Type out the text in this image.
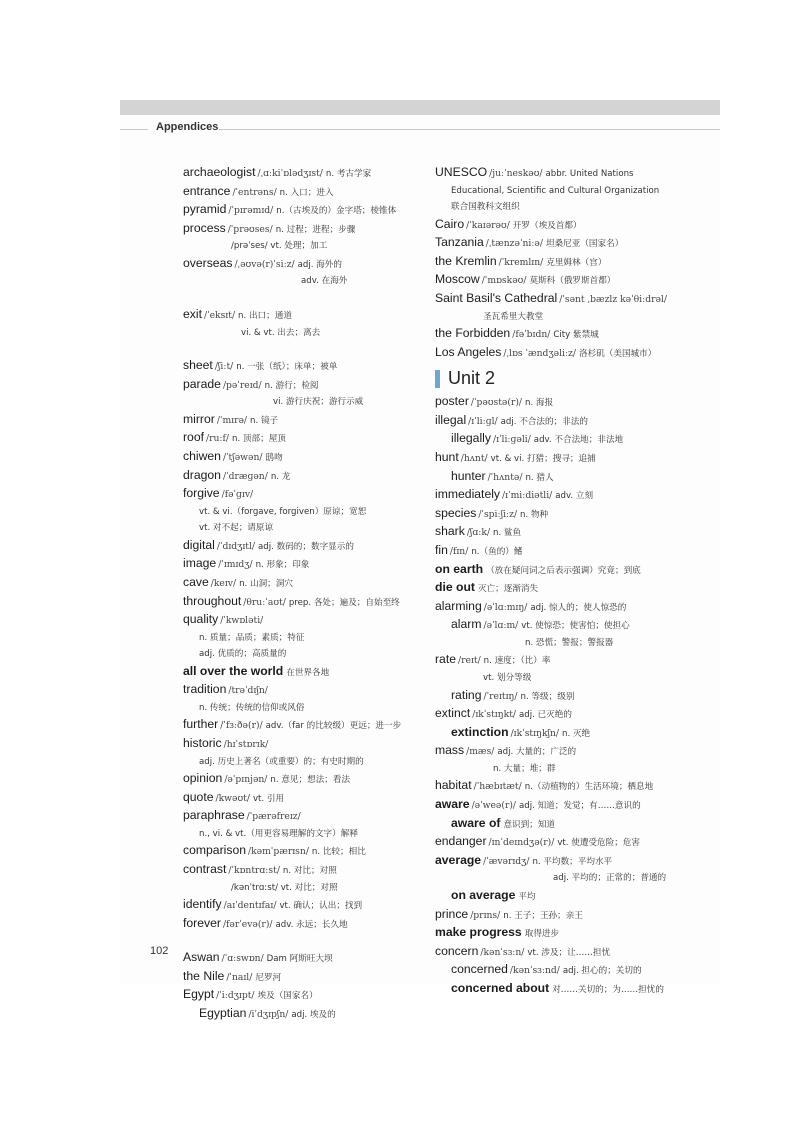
Appendices
archaeologist /ˌɑːkiˈɒlədʒɪst/ n. 考古学家
entrance /ˈentrəns/ n. 入口；进入
pyramid /ˈpɪrəmɪd/ n.（古埃及的）金字塔；棱锥体
process /ˈprəʊses/ n. 过程；进程；步骤
/prəˈses/ vt. 处理；加工
overseas /ˌəʊvə(r)ˈsiːz/ adj. 海外的
adv. 在海外
exit /ˈeksɪt/ n. 出口；通道
vi. & vt. 出去；离去
sheet /ʃiːt/ n. 一张（纸）；床单；被单
parade /pəˈreɪd/ n. 游行；检阅
vi. 游行庆祝；游行示威
mirror /ˈmɪrə/ n. 镜子
roof /ruːf/ n. 顶部；屋顶
chiwen /ˈtʃəwən/ 鸱吻
dragon /ˈdræɡən/ n. 龙
forgive /fəˈɡɪv/
vt. & vi.（forgave, forgiven）原谅；宽恕
vt. 对不起；请原谅
digital /ˈdɪdʒɪtl/ adj. 数码的；数字显示的
image /ˈɪmɪdʒ/ n. 形象；印象
cave /keɪv/ n. 山洞；洞穴
throughout /θruːˈaʊt/ prep. 各处；遍及；自始至终
quality /ˈkwɒləti/
n. 质量；品质；素质；特征
adj. 优质的；高质量的
all over the world 在世界各地
tradition /trəˈdɪʃn/
n. 传统；传统的信仰或风俗
further /ˈfɜːðə(r)/ adv.（far 的比较级）更远；进一步
historic /hɪˈstɒrɪk/
adj. 历史上著名（或重要）的；有史时期的
opinion /əˈpɪnjən/ n. 意见；想法；看法
quote /kwəʊt/ vt. 引用
paraphrase /ˈpærəfreɪz/
n., vi. & vt.（用更容易理解的文字）解释
comparison /kəmˈpærɪsn/ n. 比较；相比
contrast /ˈkɒntrɑːst/ n. 对比；对照
/kənˈtrɑːst/ vt. 对比；对照
identify /aɪˈdentɪfaɪ/ vt. 确认；认出；找到
forever /fərˈevə(r)/ adv. 永远；长久地
Aswan /ˈɑːswɒn/ Dam 阿斯旺大坝
the Nile /ˈnaɪl/ 尼罗河
Egypt /ˈiːdʒɪpt/ 埃及（国家名）
Egyptian /iˈdʒɪpʃn/ adj. 埃及的
UNESCO /juːˈneskəʊ/ abbr. United Nations
Educational, Scientific and Cultural Organization
联合国教科文组织
Cairo /ˈkaɪərəʊ/ 开罗（埃及首都）
Tanzania /ˌtænzəˈniːə/ 坦桑尼亚（国家名）
the Kremlin /ˈkremlɪn/ 克里姆林（宫）
Moscow /ˈmɒskəʊ/ 莫斯科（俄罗斯首都）
Saint Basil's Cathedral /ˈsənt ˌbæzlz kəˈθiːdrəl/
圣瓦希里大教堂
the Forbidden /fəˈbɪdn/ City 紫禁城
Los Angeles /ˌlɒs ˈændʒəliːz/ 洛杉矶（美国城市）
Unit 2
poster /ˈpəʊstə(r)/ n. 海报
illegal /ɪˈliːɡl/ adj. 不合法的；非法的
illegally /ɪˈliːɡəli/ adv. 不合法地；非法地
hunt /hʌnt/ vt. & vi. 打猎；搜寻；追捕
hunter /ˈhʌntə/ n. 猎人
immediately /ɪˈmiːdiətli/ adv. 立刻
species /ˈspiːʃiːz/ n. 物种
shark /ʃɑːk/ n. 鲨鱼
fin /fɪn/ n.（鱼的）鳍
on earth （放在疑问词之后表示强调）究竟；到底
die out 灭亡；逐渐消失
alarming /əˈlɑːmɪŋ/ adj. 惊人的；使人惊恐的
alarm /əˈlɑːm/ vt. 使惊恐；使害怕；使担心
n. 恐慌；警报；警报器
rate /reɪt/ n. 速度；（比）率
vt. 划分等级
rating /ˈreɪtɪŋ/ n. 等级；级别
extinct /ɪkˈstɪŋkt/ adj. 已灭绝的
extinction /ɪkˈstɪŋkʃn/ n. 灭绝
mass /mæs/ adj. 大量的；广泛的
n. 大量；堆；群
habitat /ˈhæbɪtæt/ n.（动植物的）生活环境；栖息地
aware /əˈweə(r)/ adj. 知道；发觉；有……意识的
aware of 意识到；知道
endanger /ɪnˈdeɪndʒə(r)/ vt. 使遭受危险；危害
average /ˈævərɪdʒ/ n. 平均数；平均水平
adj. 平均的；正常的；普通的
on average 平均
prince /prɪns/ n. 王子；王孙；亲王
make progress 取得进步
concern /kənˈsɜːn/ vt. 涉及；让……担忧
concerned /kənˈsɜːnd/ adj. 担心的；关切的
concerned about 对……关切的；为……担忧的
102
